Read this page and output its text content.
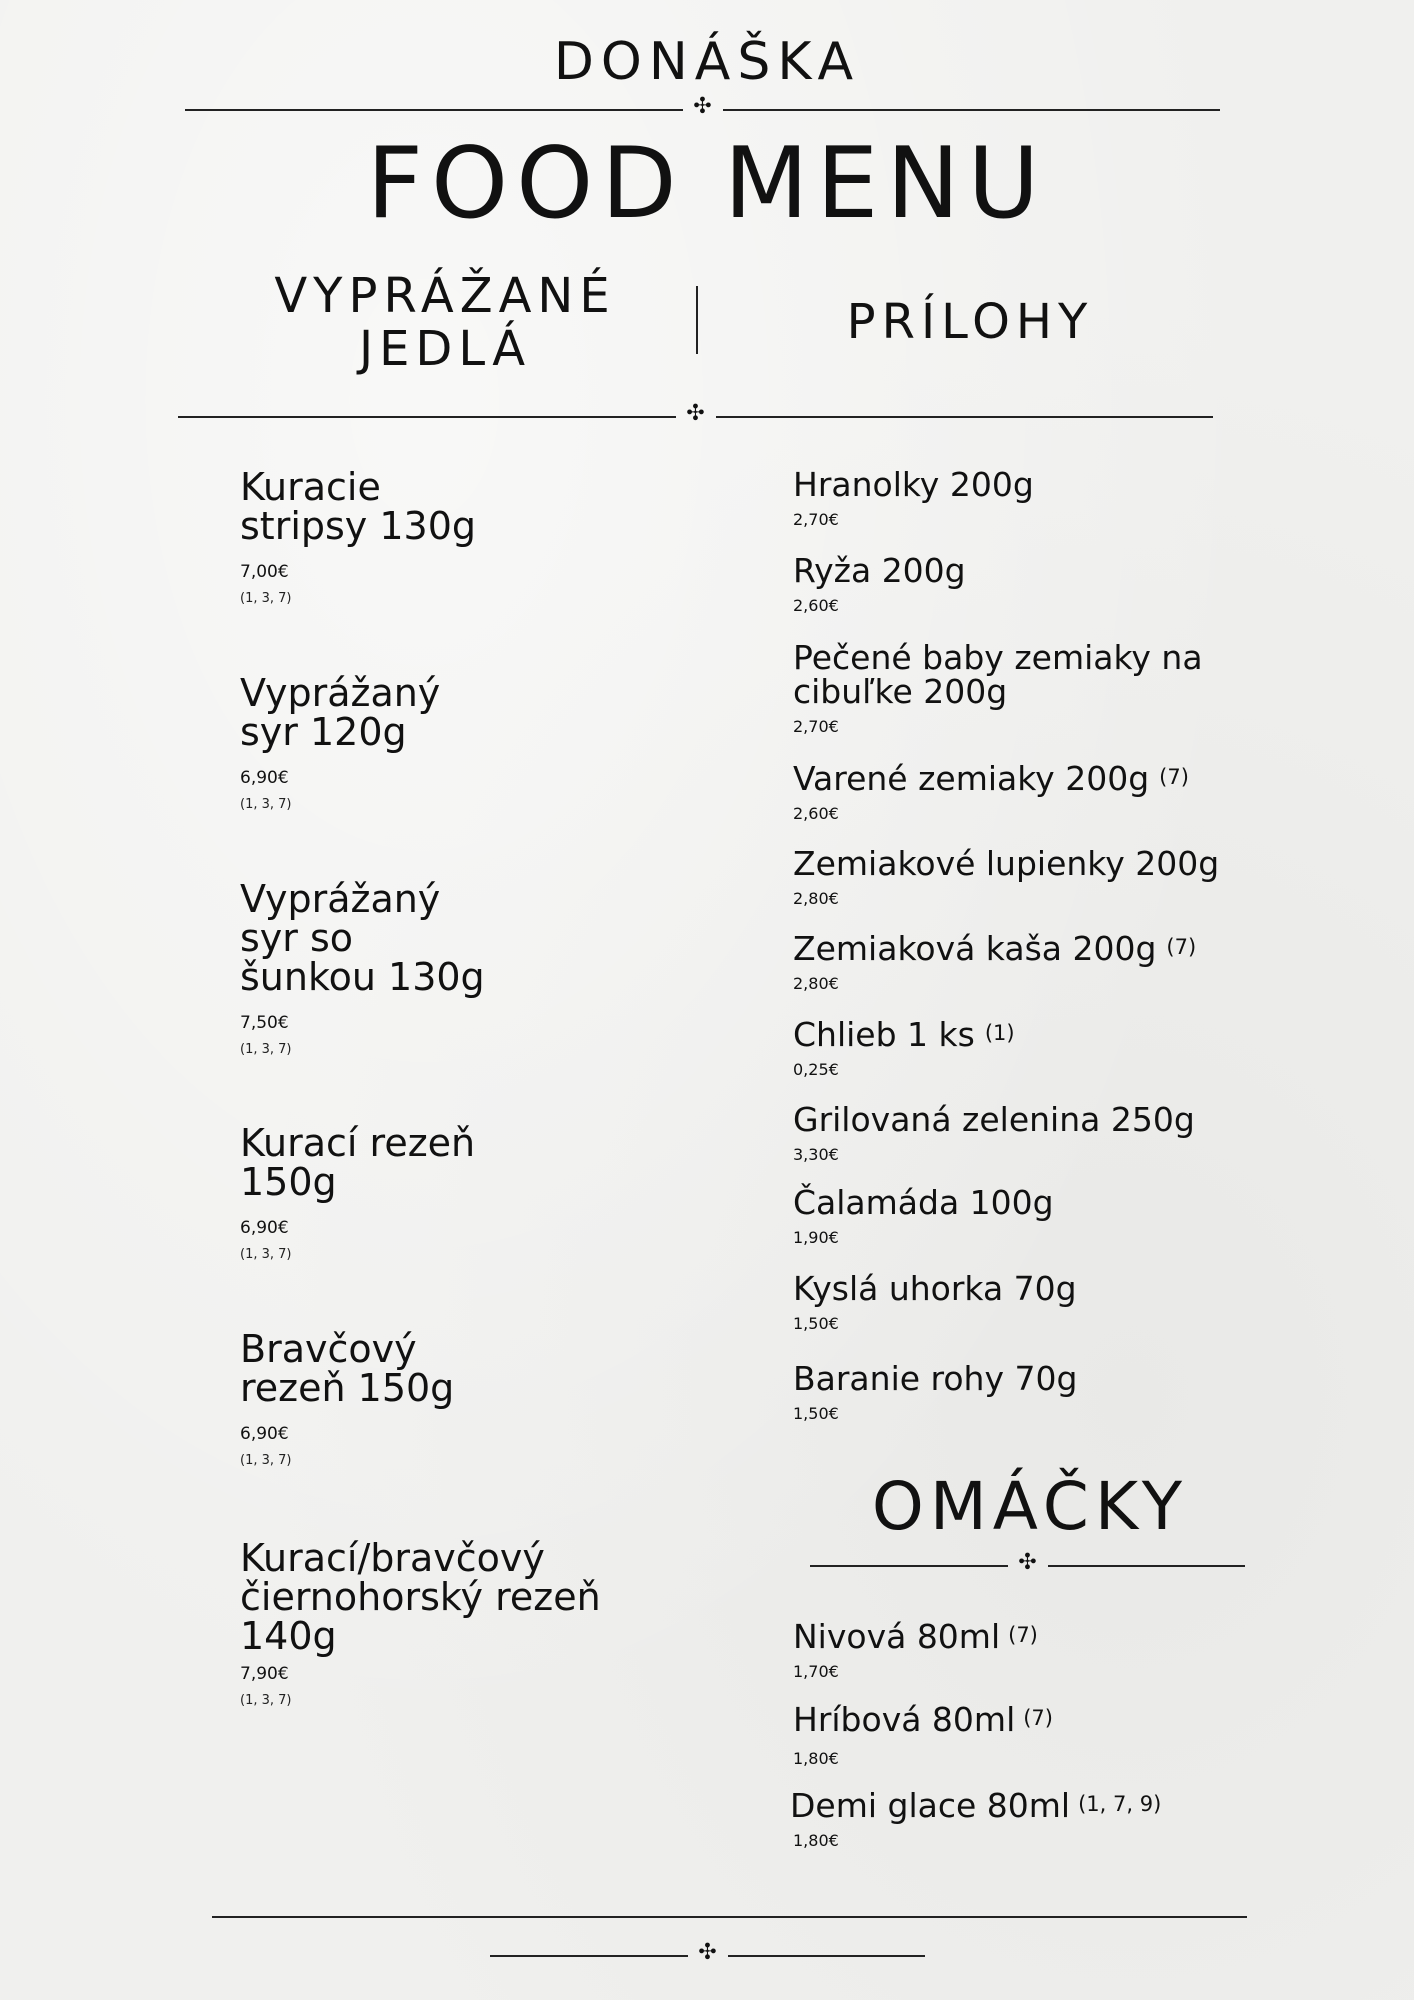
DONÁŠKA
✣
FOOD MENU
VYPRÁŽANÉ
JEDLÁ	PRÍLOHY
✣
Kuracie stripsy 130g
7,00€
(1, 3, 7)
Vyprážaný syr 120g
6,90€
(1, 3, 7)
Vyprážaný syr so šunkou 130g
7,50€
(1, 3, 7)
Kurací rezeň 150g
6,90€
(1, 3, 7)
Bravčový rezeň 150g
6,90€
(1, 3, 7)
Kurací/bravčový čiernohorský rezeň 140g
7,90€
(1, 3, 7)
Hranolky 200g
2,70€
Ryža 200g
2,60€
Pečené baby zemiaky na cibuľke 200g
2,70€
Varené zemiaky 200g $^{(7)}$
2,60€
Zemiakové lupienky 200g
2,80€
Zemiaková kaša 200g $^{(7)}$
2,80€
Chlieb 1 ks $^{(1)}$
0,25€
Grilovaná zelenina 250g
3,30€
Čalamáda 100g
1,90€
Kyslá uhorka 70g
1,50€
Baranie rohy 70g
1,50€
OMÁČKY
✣
Nivová 80ml $^{(7)}$
1,70€
Hríbová 80ml $^{(7)}$
1,80€
Demi glace 80ml $^{(1, 7, 9)}$
1,80€
✣
